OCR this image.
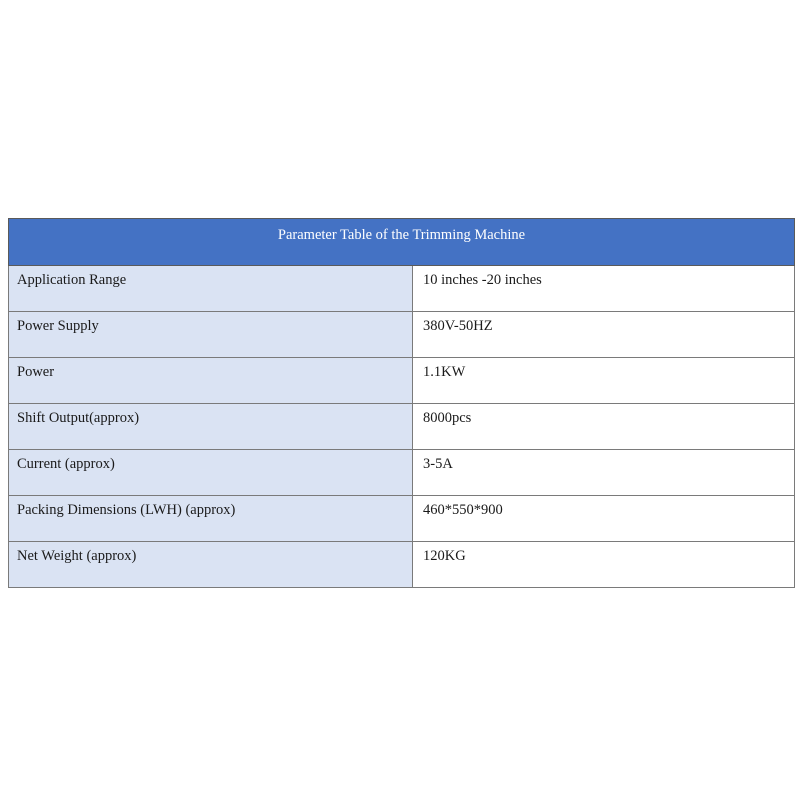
Parameter Table of the Trimming Machine	
Application Range	10 inches -20 inches
Power Supply	380V-50HZ
Power	1.1KW
Shift Output(approx)	8000pcs
Current (approx)	3-5A
Packing Dimensions (LWH) (approx)	460*550*900
Net Weight (approx)	120KG
